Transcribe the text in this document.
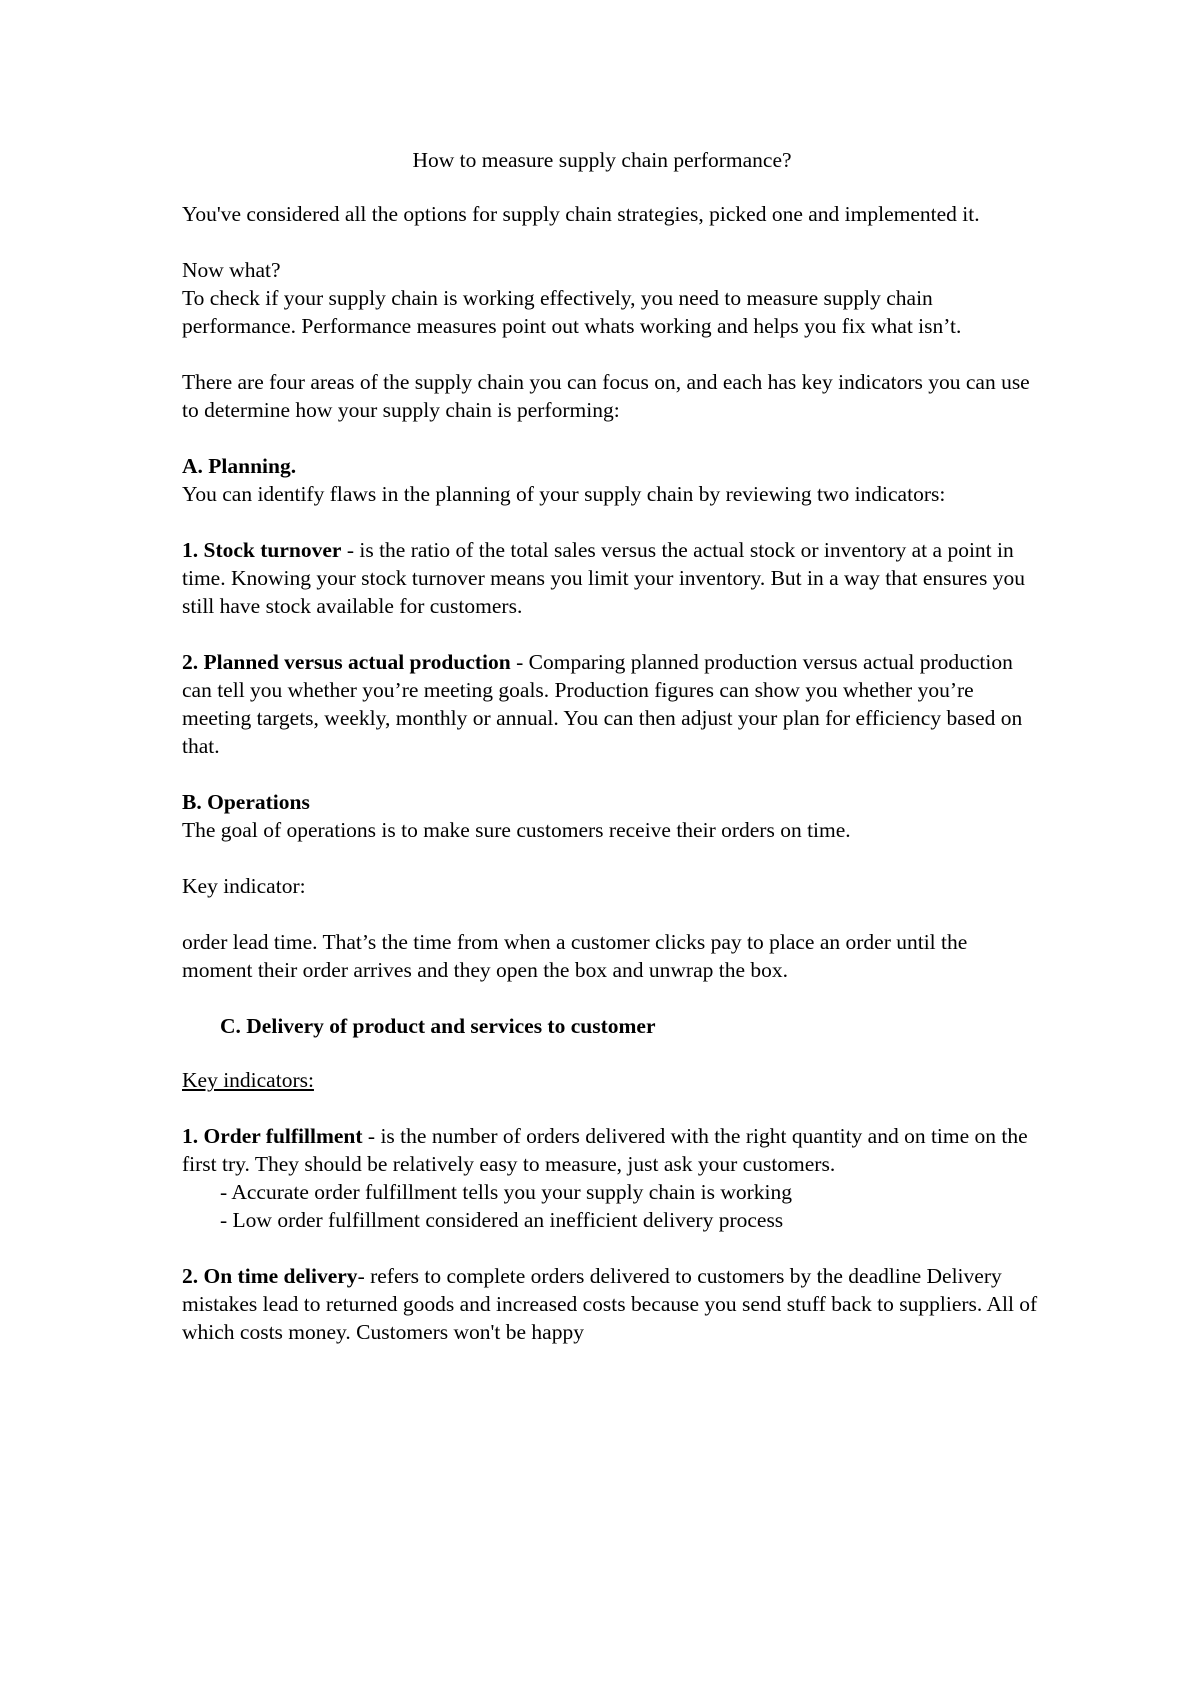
How to measure supply chain performance?

You've considered all the options for supply chain strategies, picked one and implemented it.

Now what?
To check if your supply chain is working effectively, you need to measure supply chain performance. Performance measures point out whats working and helps you fix what isn’t.

There are four areas of the supply chain you can focus on, and each has key indicators you can use to determine how your supply chain is performing:

A. Planning.
You can identify flaws in the planning of your supply chain by reviewing two indicators:

1. Stock turnover - is the ratio of the total sales versus the actual stock or inventory at a point in time. Knowing your stock turnover means you limit your inventory. But in a way that ensures you still have stock available for customers.

2. Planned versus actual production - Comparing planned production versus actual production can tell you whether you’re meeting goals. Production figures can show you whether you’re meeting targets, weekly, monthly or annual. You can then adjust your plan for efficiency based on that.

B. Operations
The goal of operations is to make sure customers receive their orders on time.

Key indicator:

order lead time. That’s the time from when a customer clicks pay to place an order until the moment their order arrives and they open the box and unwrap the box.

C. Delivery of product and services to customer

Key indicators:

1. Order fulfillment - is the number of orders delivered with the right quantity and on time on the first try. They should be relatively easy to measure, just ask your customers.
- Accurate order fulfillment tells you your supply chain is working
- Low order fulfillment considered an inefficient delivery process

2. On time delivery- refers to complete orders delivered to customers by the deadline Delivery mistakes lead to returned goods and increased costs because you send stuff back to suppliers. All of which costs money. Customers won't be happy
